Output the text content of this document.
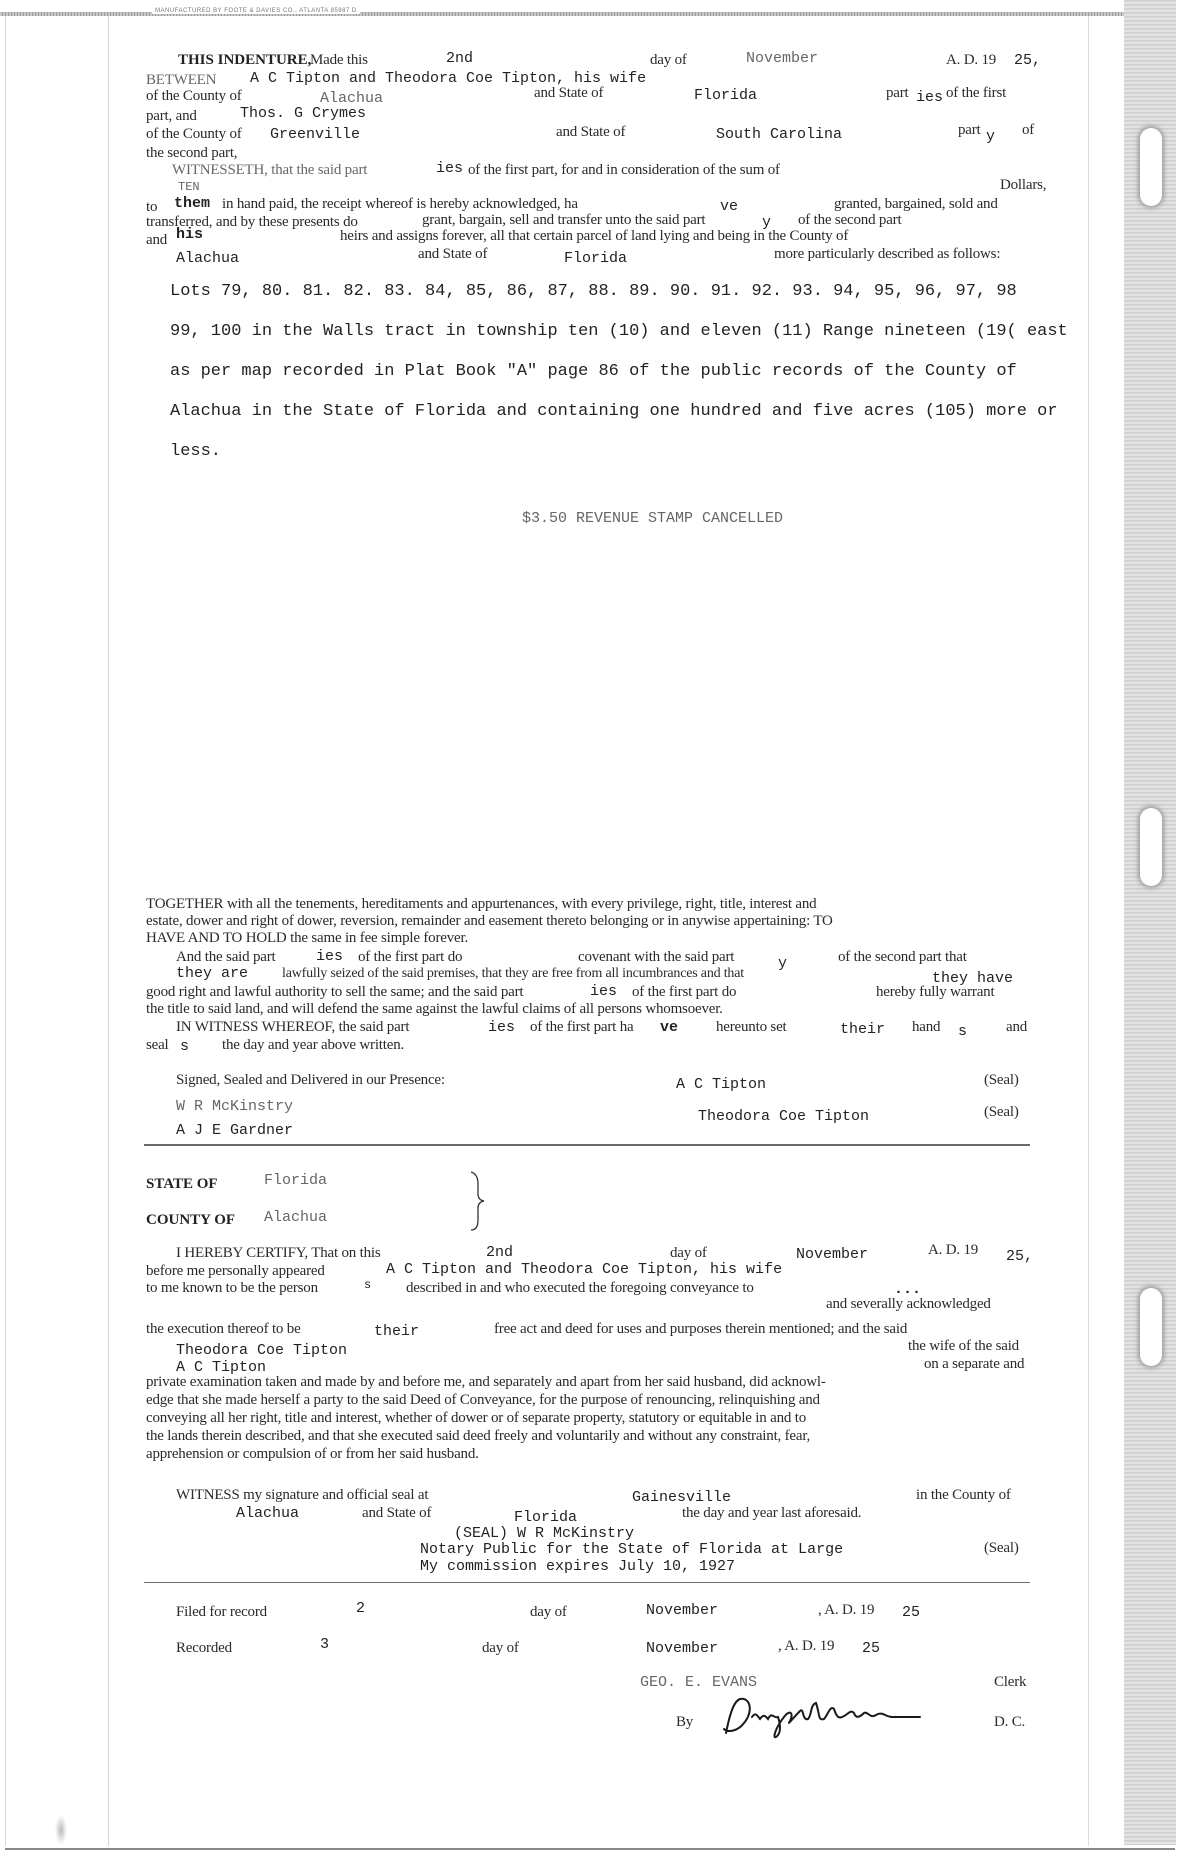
MANUFACTURED BY FOOTE & DAVIES CO., ATLANTA 85987 D
THIS INDENTURE,
Made this	2nd	day of	November	A. D. 19 25,
BETWEEN A C Tipton and Theodora Coe Tipton, his wife
of the County of	Alachua	and State of	Florida	part ies of the first
part, and	Thos. G Crymes
of the County of Greenville	and State of	South Carolina	part y of
the second part,
WITNESSETH, that the said part	ies of the first part, for and in consideration of the sum of
Dollars,
TEN
to them in hand paid, the receipt whereof is hereby acknowledged, ha	ve	granted, bargained, sold and
transferred, and by these presents do	grant, bargain, sell and transfer unto the said part	y of the second part
and his	heirs and assigns forever, all that certain parcel of land lying and being in the County of
Alachua	and State of	Florida	more particularly described as follows:
Lots 79, 80. 81. 82. 83. 84, 85, 86, 87, 88. 89. 90. 91. 92. 93. 94, 95, 96, 97, 98
99, 100 in the Walls tract in township ten (10) and eleven (11) Range nineteen (19( east
as per map recorded in Plat Book "A" page 86 of the public records of the County of
Alachua in the State of Florida and containing one hundred and five acres (105) more or
less.
$3.50 REVENUE STAMP CANCELLED
TOGETHER with all the tenements, hereditaments and appurtenances, with every privilege, right, title, interest and
estate, dower and right of dower, reversion, remainder and easement thereto belonging or in anywise appertaining: TO
HAVE AND TO HOLD the same in fee simple forever.
And the said part	ies of the first part do	covenant with the said part	y	of the second part that
they are lawfully seized of the said premises, that they are free from all incumbrances and that	they have
good right and lawful authority to sell the same; and the said part	ies of the first part do	hereby fully warrant
the title to said land, and will defend the same against the lawful claims of all persons whomsoever.
IN WITNESS WHEREOF, the said part	ies of the first part ha ve	hereunto set	their hand s	and
seal s the day and year above written.
Signed, Sealed and Delivered in our Presence:
W R McKinstry
A J E Gardner
A C Tipton	(Seal)
Theodora Coe Tipton	(Seal)
STATE OF	Florida
COUNTY OF Alachua
I HEREBY CERTIFY, That on this	2nd	day of	November	A. D. 19 25,
before me personally appeared	A C Tipton and Theodora Coe Tipton, his wife
to me known to be the person	s described in and who executed the foregoing conveyance to	...
and severally acknowledged
the execution thereof to be	their	free act and deed for uses and purposes therein mentioned; and the said
Theodora Coe Tipton	the wife of the said
A C Tipton	on a separate and
private examination taken and made by and before me, and separately and apart from her said husband, did acknowl-
edge that she made herself a party to the said Deed of Conveyance, for the purpose of renouncing, relinquishing and
conveying all her right, title and interest, whether of dower or of separate property, statutory or equitable in and to
the lands therein described, and that she executed said deed freely and voluntarily and without any constraint, fear,
apprehension or compulsion of or from her said husband.
WITNESS my signature and official seal at	Gainesville	in the County of
Alachua	and State of	Florida	the day and year last aforesaid.
(SEAL) W R McKinstry
Notary Public for the State of Florida at Large	(Seal)
My commission expires July 10, 1927
Filed for record	2	day of	November	, A. D. 19 25
Recorded	3	day of	November	, A. D. 19 25
GEO. E. EVANS	Clerk
By	D. C.
